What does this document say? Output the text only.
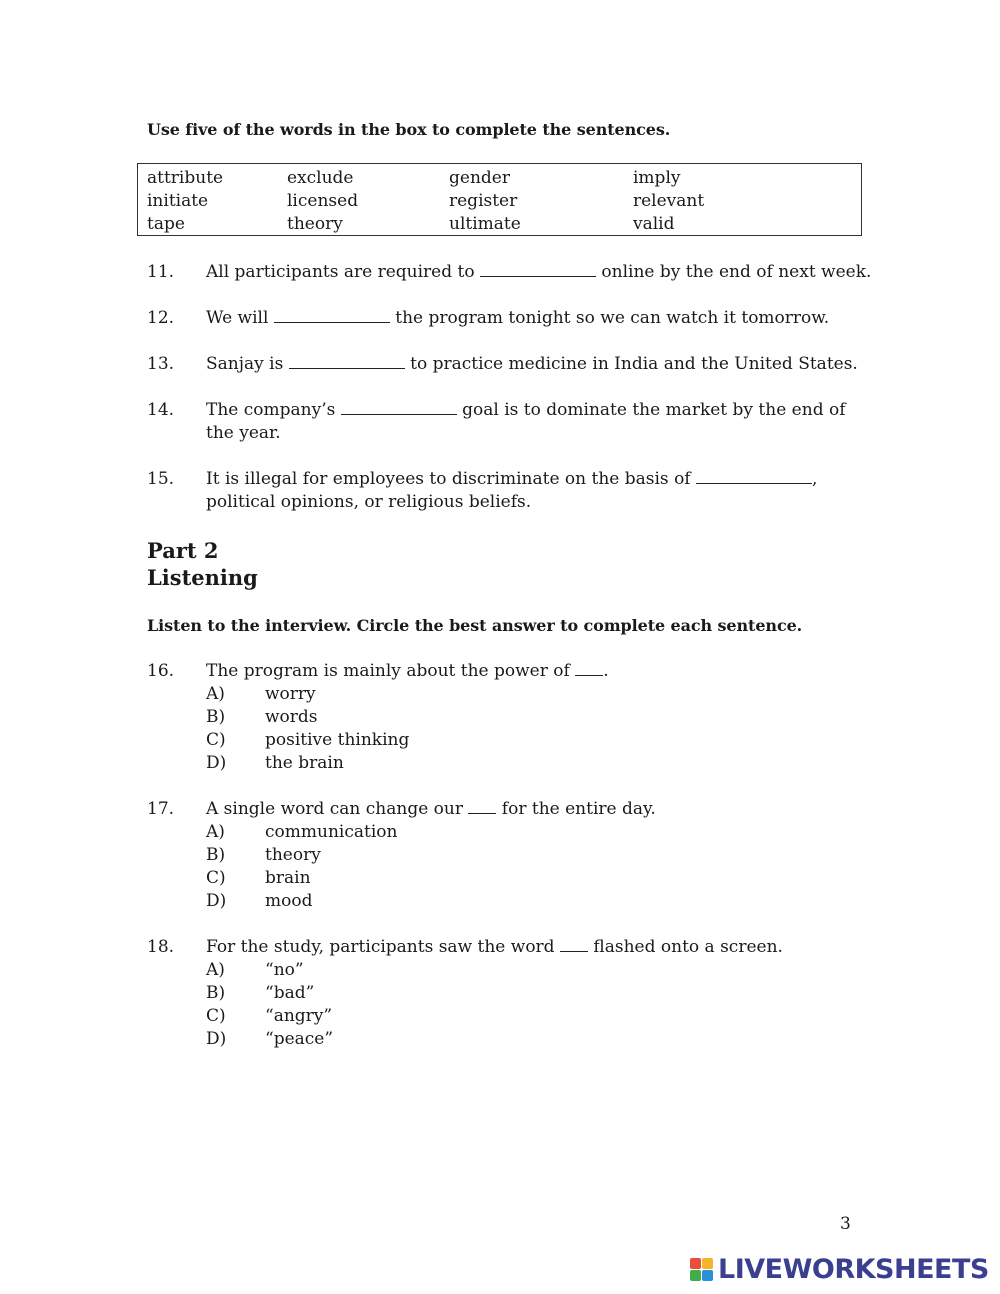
Use five of the words in the box to complete the sentences.
attribute	exclude	gender	imply
initiate	licensed	register	relevant
tape	theory	ultimate	valid
11. All participants are required to	online by the end of next week.
12. We will	the program tonight so we can watch it tomorrow.
13. Sanjay is	to practice medicine in India and the United States.
14. The company’s	goal is to dominate the market by the end of
the year.
15. It is illegal for employees to discriminate on the basis of	,
political opinions, or religious beliefs.
Part 2
Listening
Listen to the interview. Circle the best answer to complete each sentence.
16. The program is mainly about the power of .
A) worry
B) words
C) positive thinking
D) the brain
17. A single word can change our  for the entire day.
A) communication
B) theory
C) brain
D) mood
18. For the study, participants saw the word  flashed onto a screen.
A) “no”
B) “bad”
C) “angry”
D) “peace”
3
LIVEWORKSHEETS
